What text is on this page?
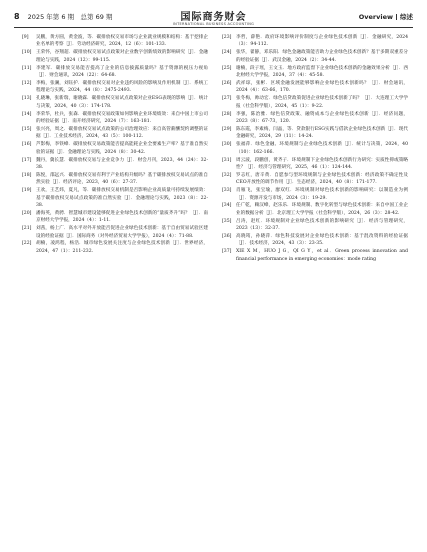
8 2025 年第 6 期　总第 69 期	国际商务财会
INTERNATIONAL BUSINESS ACCOUNTING
Overview 综述
[9] 吴鹏，黄方圆，黄金波，等．碳排放权交易市场与企业就业规模和结构：基于挖排企业名单的考察［J］．劳动经济研究，2024，12（6）：101-133.
[10] 王荣怀，谷翔超．碳排放权交易试点政策对企业数字创新绩效的影响研究［J］．金融理论与实践，2024（12）：99-115.
[11] 李建军．碳排放交易能否提高了企业的信息披露质量吗？基于资源的税压力视角［J］．财会通讯，2024（22）：64-68.
[12] 李梅，张澜，刘钰护．碳排放权交易对企业违约风险的影响及作用机制［J］．系统工程理论与实践，2024，44（8）：2475-2493.
[13] 孔晓琳，张新瑞，谢晓霖．碳排放权交易试点政策对企业ESG表现的影响［J］．统计与决策，2024，40（3）：174-178.
[14] 李荣华，杜兵，张森．碳排放权交易政策如何影响企业环境绩效：来自中国上市公司的经验证据［J］．南开经济研究，2024（7）：163-181.
[15] 张兴亮，周之．碳排放权交易试点政策的公司治理效应：来自高管薪酬契约调整的证据［J］．工业技术经济，2024，43（5）：100-112.
[16] 芦影梅，李铁峰．碳排放权交易政策能否提高能耗企业全要素生产率？基于准自然实验的证据［J］．金融理论与实践，2024（8）：30-42.
[17] 魏丹，冀长慧．碳排放权交易与企业竞争力［J］．财会月刊，2023，44（24）：32-38.
[18] 陈悦，邵远兴．碳排放权交易有利于产业结构升级吗？基于碳排放权交易试点的准自然实验［J］．经济评论，2023，40（6）：27-37.
[19] 王欢，王艺炜，夏凡，等．碳排放权交易机制是否影响企业高质量可持续发展绩效：基于碳排放权交易试点政策的准自然实验［J］．金融理论与实践，2023（8）：22-38.
[20] 潘海英，黄骋．智慧城市建设能够促进企业绿色技术创新的“量质齐升”吗？［J］．南京财经大学学报，2024（4）：1-11.
[21] 刘茜，杨上广．高水平对外开放能否促进企业绿色技术创新：基于自由贸易试验区建设的经验证据［J］．国际商务（对外经济贸易大学学报），2024（4）：71-88.
[22] 胡楠，凌鸿程，杨浩．城市绿色发展关注度与企业绿色技术创新［J］．世界经济，2024，47（1）：211-232.
[23] 李哲，薛艳．政府环境影响评价制度与企业绿色技术创新［J］．金融研究，2024（3）：94-112.
[24] 张华，翟静，邓乐阳．绿色金融政策能否助力企业绿色技术创新？基于多期双重差分的经验证据［J］．武汉金融，2024（2）：34-44.
[25] 谢楠，段子瑶，王文玉．地方政府监督下企业绿色技术创新的金融效果分析［J］．西北财经大学学报，2024，37（4）：45-58.
[26] 武祥琼，张彬．区域金融发展能够影响企业绿色技术创新吗？［J］．财会通讯，2024（4）：63-66，170.
[27] 张冬梅，帅动宏．绿色信贷政策促进企业绿色技术创新了吗？［J］．大连理工大学学报（社会科学版），2024，45（1）：9-22.
[28] 李强，陈治雅．绿色信贷政策、融资成本与企业绿色技术创新［J］．经济问题，2023（8）：67-73，120.
[29] 陈东霞，李素梅，闫晶，等．贷款银行ESG实践与借款企业绿色技术创新［J］．现代金融研究，2024，29（11）：14-24.
[30] 张福萍．绿色金融、环境规制与企业绿色技术创新［J］．统计与决策，2024，40（10）：162-166.
[31] 周云波，段鹏创，黄齐子．环境规制下企业绿色技术创新行为研究：实质性抑或策略性？［J］．经济与管理研究，2025，46（1）：124-144.
[32] 罗志红，唐辛黄．自愿参与型环境规制与企业绿色技术创新：经济政策不确定性及CEO开放性的调节作用［J］．生态经济，2024，40（8）：171-177.
[33] 肖雁飞，张宝瑜，廖双红．环境规制对绿色技术创新的影响研究：以制造业为例［J］．资源开发与市场，2024（3）：19-29.
[34] 任广乾，赖汉峰，赵乐乐．环境规制、数字化转型与绿色技术创新：来自中国工业企业的数据分析［J］．北京理工大学学报（社会科学版），2024，26（3）：28-42.
[35] 吕涛，赵红．环境规制对企业绿色技术创新的影响研究［J］．经济与管理研究，2023（13）：32-37.
[36] 高晓筠，孙晓萍．绿色科技发展对企业绿色技术创新：基于混改资料的经验证据［J］．技术经济，2024，43（3）：23-35.
[37] XIE X M，HUO J G，QI G Y，et al．Green process innovation and financial performance in emerging economies：mode rating
